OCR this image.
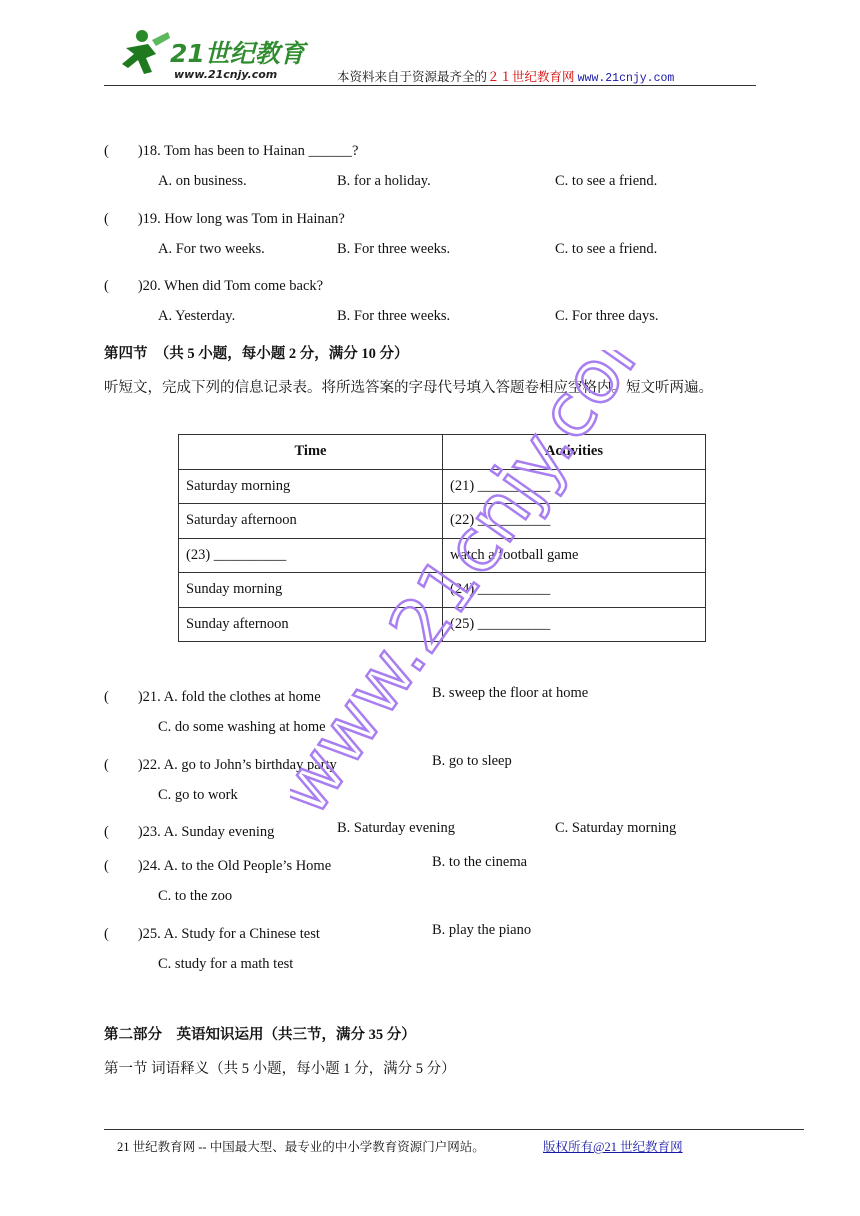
21世纪教育
www.21cnjy.com	本资料来自于资源最齐全的２１世纪教育网 www.21cnjy.com
(　　)18. Tom has been to Hainan ______?
A. on business.	B. for a holiday.	C. to see a friend.
(　　)19. How long was Tom in Hainan?
A. For two weeks.	B. For three weeks.	C. to see a friend.
(　　)20. When did Tom come back?
A. Yesterday.	B. For three weeks.	C. For three days.
第四节　（共 5 小题，每小题 2 分，满分 10 分）
听短文，完成下列的信息记录表。将所选答案的字母代号填入答题卷相应空格内。短文听两遍。
Time	Activities
Saturday morning	(21) __________
Saturday afternoon	(22) __________
(23) __________	watch a football game
Sunday morning	(24) __________
Sunday afternoon	(25) __________
(　　)21. A. fold the clothes at home	B. sweep the floor at home
C. do some washing at home
(　　)22. A. go to John’s birthday party	B. go to sleep
C. go to work
(　　)23. A. Sunday evening	B. Saturday evening	C. Saturday morning
(　　)24. A. to the Old People’s Home	B. to the cinema
C. to the zoo
(　　)25. A. Study for a Chinese test	B. play the piano
C. study for a math test
第二部分　英语知识运用（共三节，满分 35 分）
第一节 词语释义（共 5 小题，每小题 1 分，满分 5 分）
www.21cnjy.com
21 世纪教育网 -- 中国最大型、最专业的中小学教育资源门户网站。	版权所有@21 世纪教育网
